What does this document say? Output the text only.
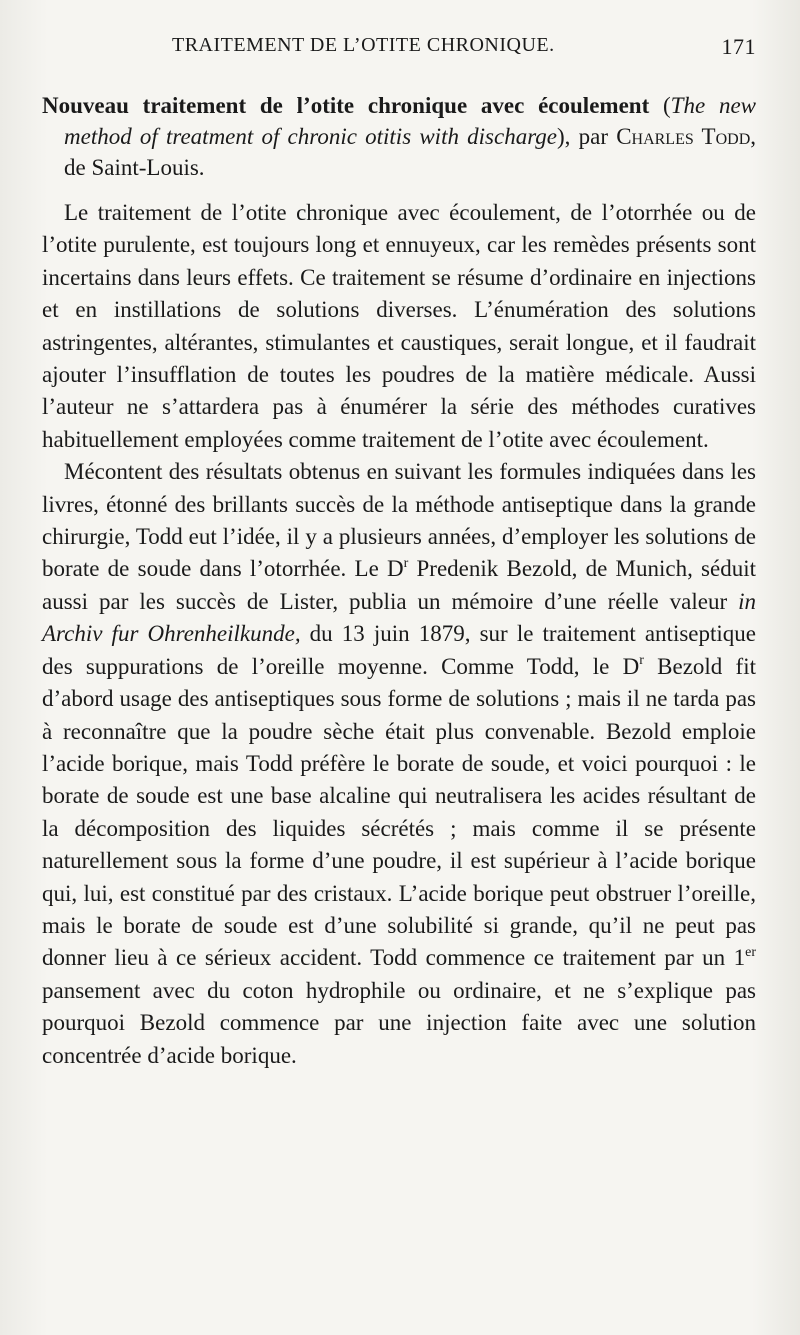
TRAITEMENT DE L’OTITE CHRONIQUE.	171
Nouveau traitement de l’otite chronique avec écoulement (The new method of treatment of chronic otitis with discharge), par Charles Todd, de Saint-Louis.

Le traitement de l’otite chronique avec écoulement, de l’otorrhée ou de l’otite purulente, est toujours long et ennuyeux, car les remèdes présents sont incertains dans leurs effets. Ce traitement se résume d’ordinaire en injections et en instillations de solutions diverses. L’énumération des solutions astringentes, altérantes, stimulantes et caustiques, serait longue, et il faudrait ajouter l’insufflation de toutes les poudres de la matière médicale. Aussi l’auteur ne s’attardera pas à énumérer la série des méthodes curatives habituellement employées comme traitement de l’otite avec écoulement.

Mécontent des résultats obtenus en suivant les formules indiquées dans les livres, étonné des brillants succès de la méthode antiseptique dans la grande chirurgie, Todd eut l’idée, il y a plusieurs années, d’employer les solutions de borate de soude dans l’otorrhée. Le $D^r$ Predenik Bezold, de Munich, séduit aussi par les succès de Lister, publia un mémoire d’une réelle valeur in Archiv fur Ohrenheilkunde, du 13 juin 1879, sur le traitement antiseptique des suppurations de l’oreille moyenne. Comme Todd, le $D^r$ Bezold fit d’abord usage des antiseptiques sous forme de solutions ; mais il ne tarda pas à reconnaître que la poudre sèche était plus convenable. Bezold emploie l’acide borique, mais Todd préfère le borate de soude, et voici pourquoi : le borate de soude est une base alcaline qui neutralisera les acides résultant de la décomposition des liquides sécrétés ; mais comme il se présente naturellement sous la forme d’une poudre, il est supérieur à l’acide borique qui, lui, est constitué par des cristaux. L’acide borique peut obstruer l’oreille, mais le borate de soude est d’une solubilité si grande, qu’il ne peut pas donner lieu à ce sérieux accident. Todd commence ce traitement par un 1er pansement avec du coton hydrophile ou ordinaire, et ne s’explique pas pourquoi Bezold commence par une injection faite avec une solution concentrée d’acide borique.
